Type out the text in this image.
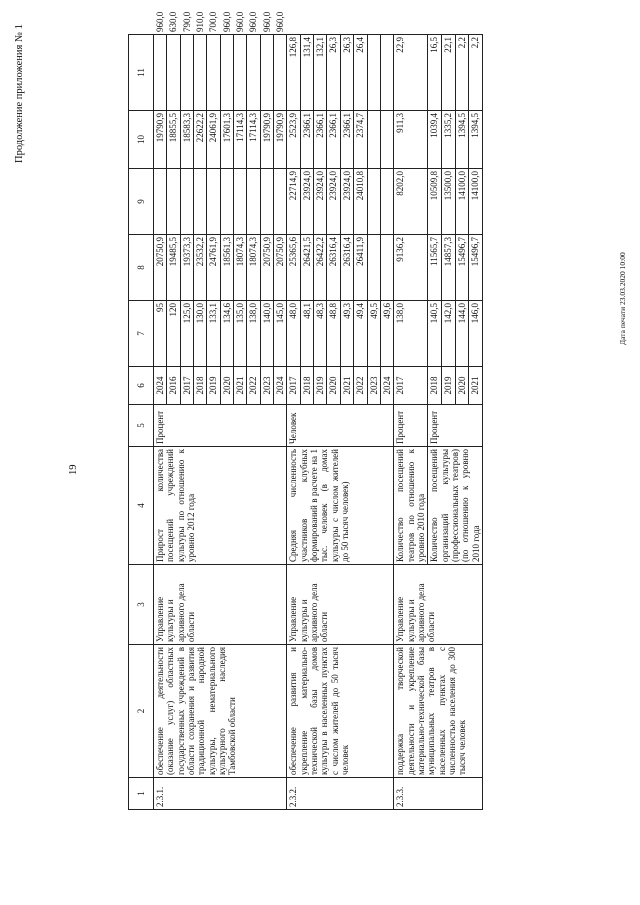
19
Продолжение приложения № 1
1	2	3	4	5	6	7	8	9	10	11	
2.3.1.	обеспечение деятельности (оказание услуг) областных государственных учреждений в области сохранения и развития традиционной народной культуры, нематериального культурного наследия Тамбовской области	Управление культуры и архивного дела области	Прирост количества посещений учреждений культуры по отношению к уровню 2012 года	Процент	2024	95	20750,9		19790,9		960,0
					2016	120	19485,5		18855,5		630,0
					2017	125,0	19373,3		18583,3		790,0
					2018	130,0	23532,2		22622,2		910,0
					2019	133,1	24761,9		24061,9		700,0
					2020	134,6	18561,3		17601,3		960,0
					2021	135,0	18074,3		17114,3		960,0
					2022	138,0	18074,3		17114,3		960,0
					2023	140,0	20750,9		19790,9		960,0
					2024	145,0	20750,9		19790,9		960,0
2.3.2.	обеспечение развития и укрепление материально-технической базы домов культуры в населенных пунктах с числом жителей до 50 тысяч человек	Управление культуры и архивного дела области	Средняя численность участников клубных формирований в расчете на 1 тыс. человек (в домах культуры с числом жителей до 50 тысяч человек)	Человек	2017	48,0	25365,6	22714,9	2523,9	126,8	
					2018	48,1	26421,5	23924,0	2366,1	131,4	
					2019	48,3	26422,2	23924,0	2366,1	132,1	
					2020	48,8	26316,4	23924,0	2366,1	26,3	
					2021	49,3	26316,4	23924,0	2366,1	26,3	
					2022	49,4	26411,9	24010,8	2374,7	26,4	
					2023	49,5					
					2024	49,6					
2.3.3.	поддержка творческой деятельности и укрепление материально-технической базы муниципальных театров в населенных пунктах с численностью населения до 300 тысяч человек	Управление культуры и архивного дела области	Количество посещений театров по отношению к уровню 2010 года	Процент	2017	138,0	9136,2	8202,0	911,3	22,9	
			Количество посещений организаций культуры (профессиональных театров) (по отношению к уровню 2010 года	Процент	2018	140,5	11565,7	10509,8	1039,4	16,5	
					2019	142,0	14857,3	13500,0	1335,2	22,1	
					2020	144,0	15496,7	14100,0	1394,5	2,2	
					2021	146,0	15496,7	14100,0	1394,5	2,2	
Дата печати 23.03.2020 10:00
